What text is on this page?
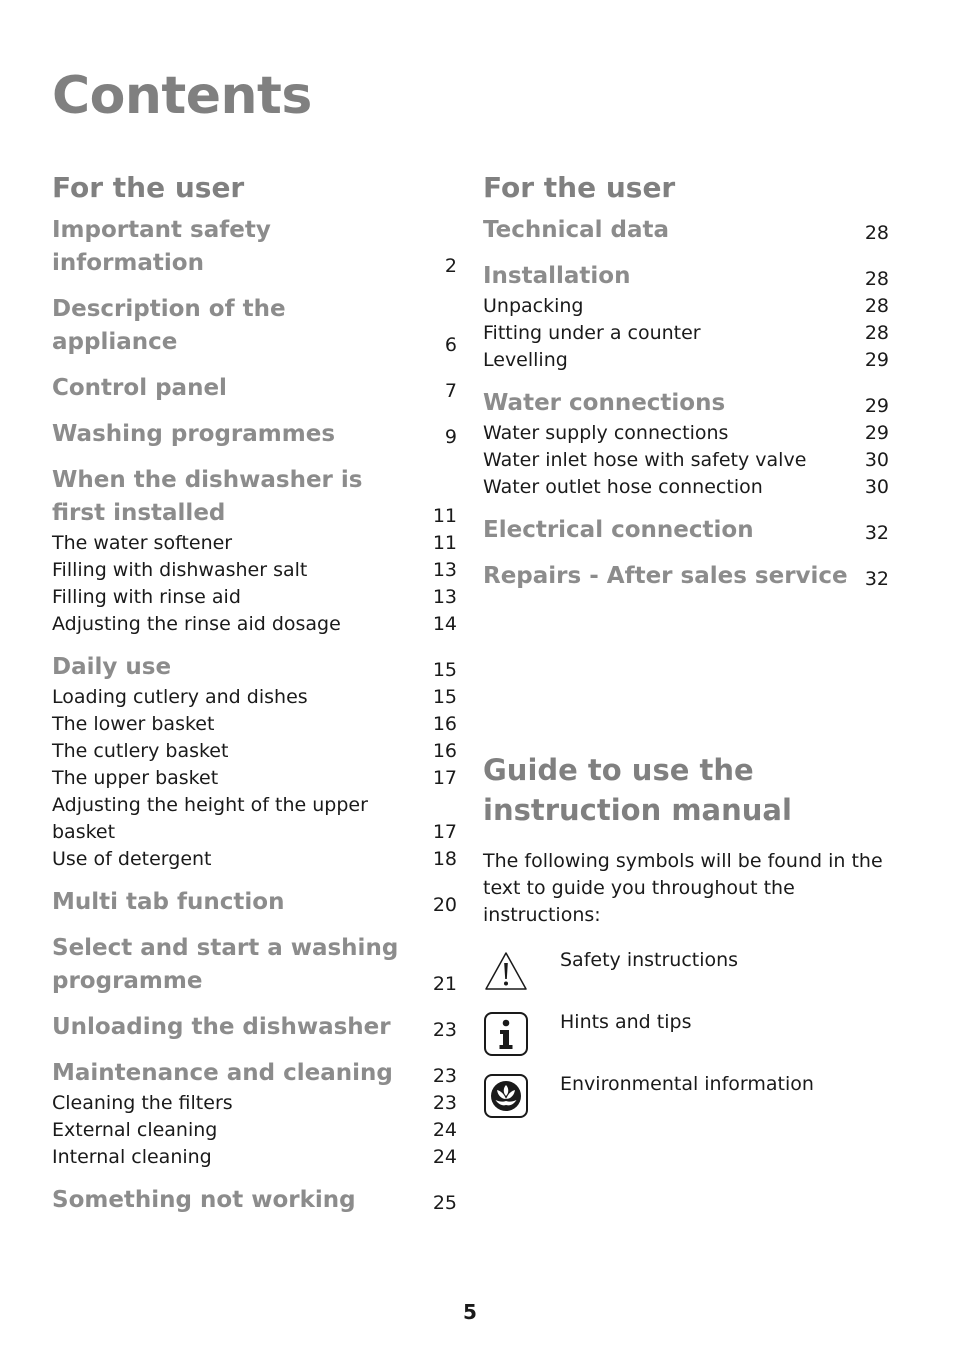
Contents
For the user
Important safety information	2
Description of the appliance	6
Control panel	7
Washing programmes	9
When the dishwasher is first installed	11
The water softener	11
Filling with dishwasher salt	13
Filling with rinse aid	13
Adjusting the rinse aid dosage	14
Daily use	15
Loading cutlery and dishes	15
The lower basket	16
The cutlery basket	16
The upper basket	17
Adjusting the height of the upper basket	17
Use of detergent	18
Multi tab function	20
Select and start a washing programme	21
Unloading the dishwasher	23
Maintenance and cleaning	23
Cleaning the filters	23
External cleaning	24
Internal cleaning	24
Something not working	25
For the user
Technical data	28
Installation	28
Unpacking	28
Fitting under a counter	28
Levelling	29
Water connections	29
Water supply connections	29
Water inlet hose with safety valve	30
Water outlet hose connection	30
Electrical connection	32
Repairs - After sales service 32
Guide to use the instruction manual

The following symbols will be found in the text to guide you throughout the instructions:

Safety instructions
Hints and tips
Environmental information
5
